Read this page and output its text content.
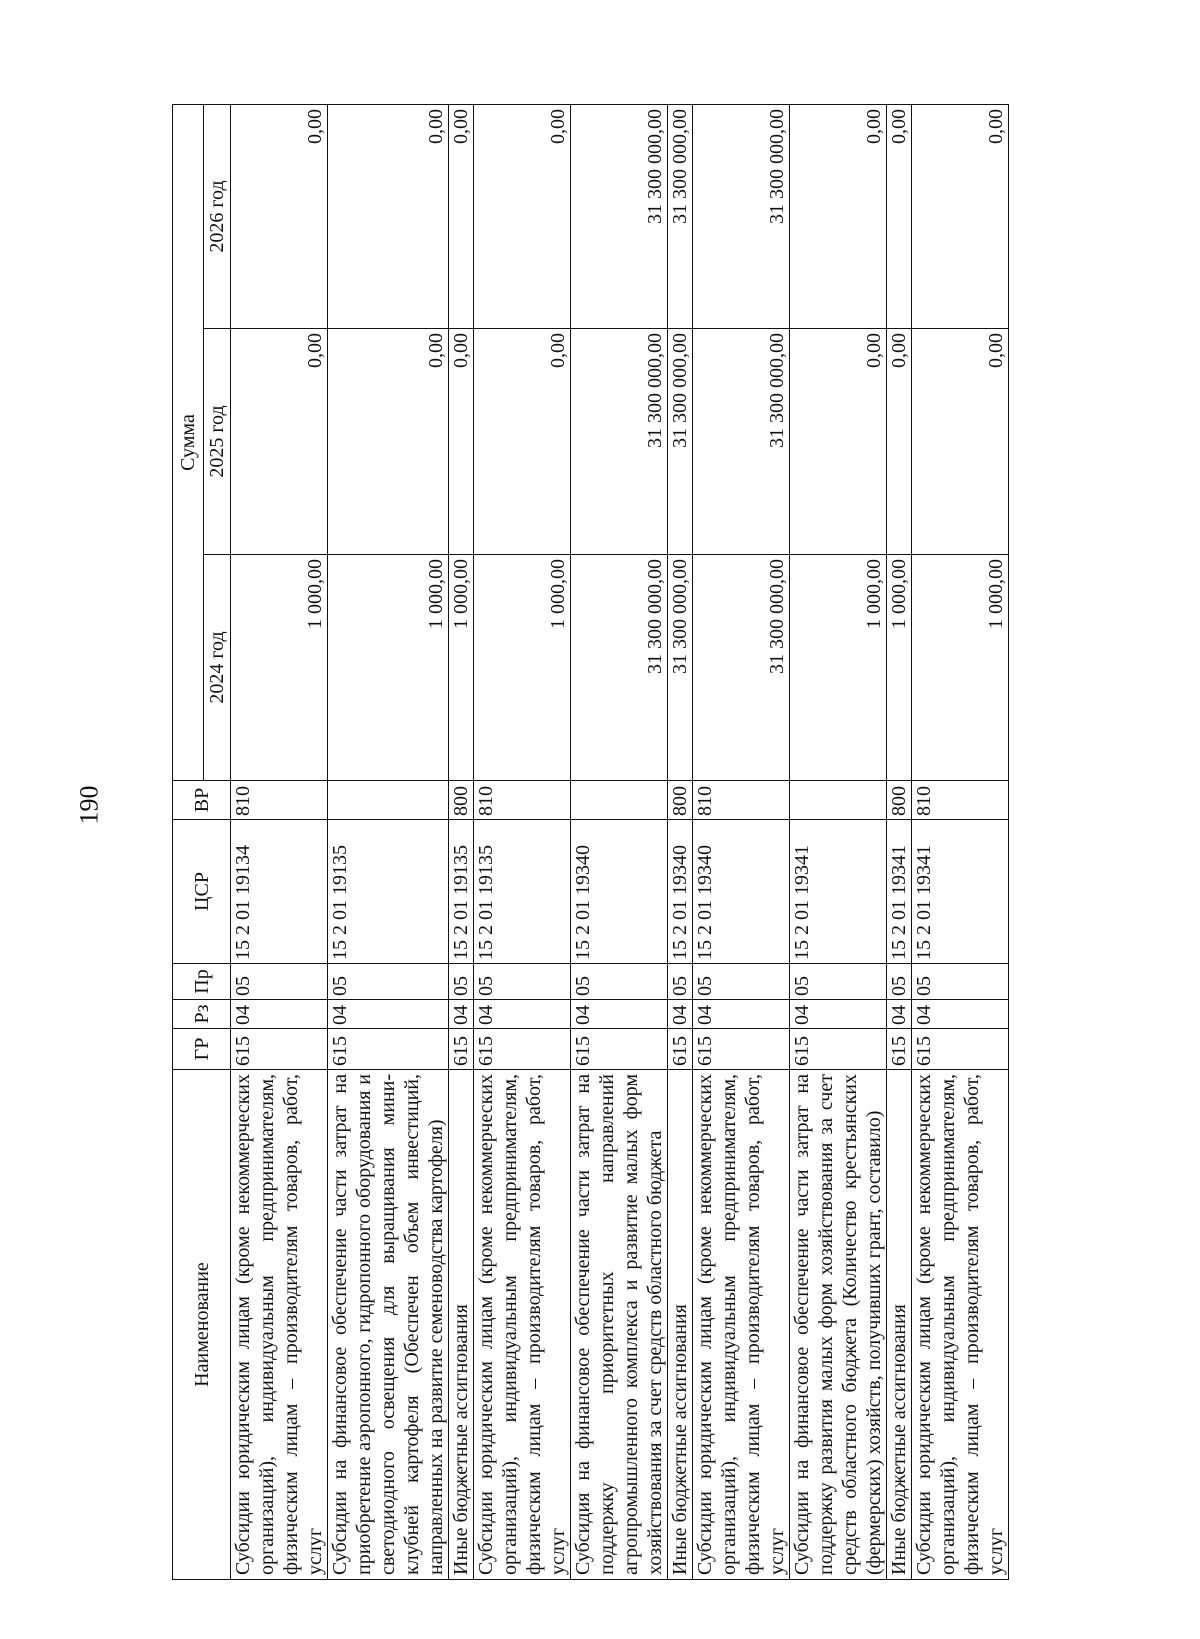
190
Наименование	ГР	Рз	Пр	ЦСР	ВР	Сумма		
						2024 год	2025 год	2026 год
Субсидии юридическим лицам (кроме некоммерческих организаций), индивидуальным предпринимателям, физическим лицам – производителям товаров, работ, услуг	615	04	05	15 2 01 19134	810	1 000,00	0,00	0,00
Субсидии на финансовое обеспечение части затрат на приобретение аэропонного, гидропонного оборудования и светодиодного освещения для выращивания мини-клубней картофеля (Обеспечен объем инвестиций, направленных на развитие семеноводства картофеля)	615	04	05	15 2 01 19135		1 000,00	0,00	0,00
Иные бюджетные ассигнования	615	04	05	15 2 01 19135	800	1 000,00	0,00	0,00
Субсидии юридическим лицам (кроме некоммерческих организаций), индивидуальным предпринимателям, физическим лицам – производителям товаров, работ, услуг	615	04	05	15 2 01 19135	810	1 000,00	0,00	0,00
Субсидия на финансовое обеспечение части затрат на поддержку приоритетных направлений агропромышленного комплекса и развитие малых форм хозяйствования за счет средств областного бюджета	615	04	05	15 2 01 19340		31 300 000,00	31 300 000,00	31 300 000,00
Иные бюджетные ассигнования	615	04	05	15 2 01 19340	800	31 300 000,00	31 300 000,00	31 300 000,00
Субсидии юридическим лицам (кроме некоммерческих организаций), индивидуальным предпринимателям, физическим лицам – производителям товаров, работ, услуг	615	04	05	15 2 01 19340	810	31 300 000,00	31 300 000,00	31 300 000,00
Субсидии на финансовое обеспечение части затрат на поддержку развития малых форм хозяйствования за счет средств областного бюджета (Количество крестьянских (фермерских) хозяйств, получивших грант, составило)	615	04	05	15 2 01 19341		1 000,00	0,00	0,00
Иные бюджетные ассигнования	615	04	05	15 2 01 19341	800	1 000,00	0,00	0,00
Субсидии юридическим лицам (кроме некоммерческих организаций), индивидуальным предпринимателям, физическим лицам – производителям товаров, работ, услуг	615	04	05	15 2 01 19341	810	1 000,00	0,00	0,00
